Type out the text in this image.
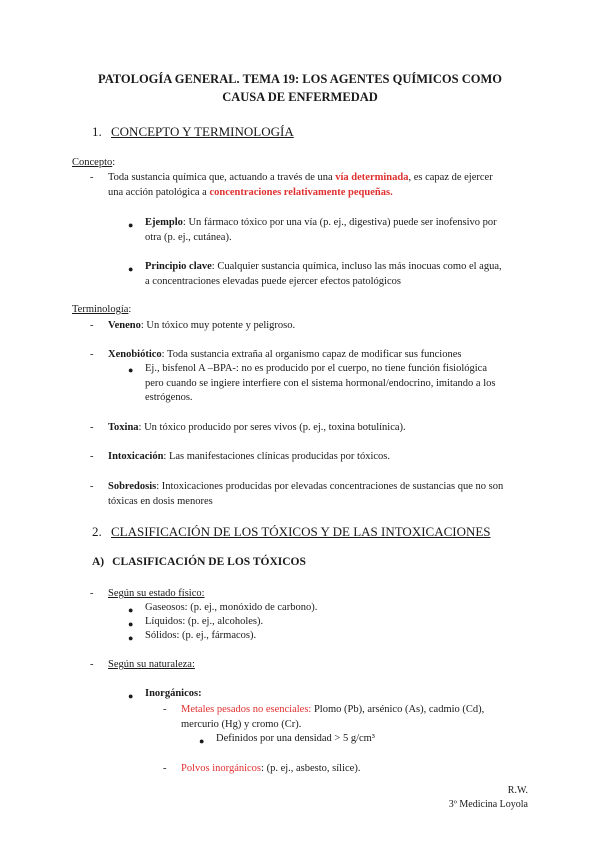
PATOLOGÍA GENERAL. TEMA 19: LOS AGENTES QUÍMICOS COMO
CAUSA DE ENFERMEDAD
1. CONCEPTO Y TERMINOLOGÍA
Concepto:
- Toda sustancia química que, actuando a través de una vía determinada, es capaz de ejercer
una acción patológica a concentraciones relativamente pequeñas.
● Ejemplo: Un fármaco tóxico por una vía (p. ej., digestiva) puede ser inofensivo por
otra (p. ej., cutánea).
● Principio clave: Cualquier sustancia química, incluso las más inocuas como el agua,
a concentraciones elevadas puede ejercer efectos patológicos
Terminología:
- Veneno: Un tóxico muy potente y peligroso.
- Xenobiótico: Toda sustancia extraña al organismo capaz de modificar sus funciones
● Ej., bisfenol A –BPA-: no es producido por el cuerpo, no tiene función fisiológica
pero cuando se ingiere interfiere con el sistema hormonal/endocrino, imitando a los
estrógenos.
- Toxina: Un tóxico producido por seres vivos (p. ej., toxina botulínica).
- Intoxicación: Las manifestaciones clínicas producidas por tóxicos.
- Sobredosis: Intoxicaciones producidas por elevadas concentraciones de sustancias que no son
tóxicas en dosis menores
2. CLASIFICACIÓN DE LOS TÓXICOS Y DE LAS INTOXICACIONES
A) CLASIFICACIÓN DE LOS TÓXICOS
- Según su estado físico:
● Gaseosos: (p. ej., monóxido de carbono).
● Líquidos: (p. ej., alcoholes).
● Sólidos: (p. ej., fármacos).
- Según su naturaleza:
● Inorgánicos:
- Metales pesados no esenciales: Plomo (Pb), arsénico (As), cadmio (Cd),
mercurio (Hg) y cromo (Cr).
● Definidos por una densidad > 5 g/cm³
- Polvos inorgánicos: (p. ej., asbesto, sílice).
R.W.
3º Medicina Loyola
